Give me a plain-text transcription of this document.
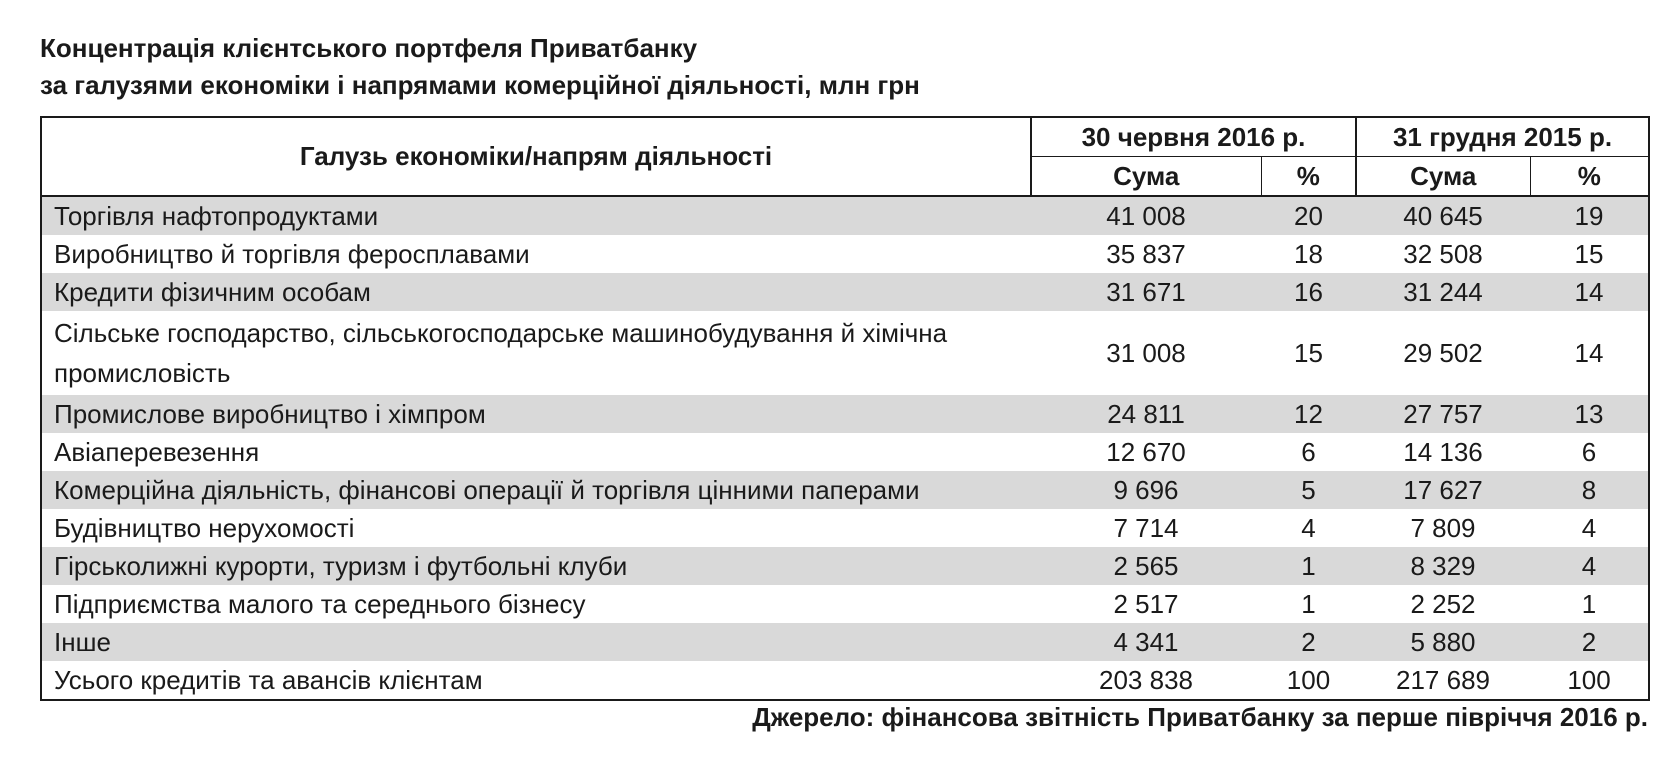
Концентрація клієнтського портфеля Приватбанку
за галузями економіки і напрямами комерційної діяльності, млн грн
Галузь економіки/напрям діяльності	30 червня 2016 р.		31 грудня 2015 р.	
	Сума	%	Сума	%
Торгівля нафтопродуктами	41 008	20	40 645	19
Виробництво й торгівля феросплавами	35 837	18	32 508	15
Кредити фізичним особам	31 671	16	31 244	14
Сільське господарство, сільськогосподарське машинобудування й хімічна промисловість	31 008	15	29 502	14
Промислове виробництво і хімпром	24 811	12	27 757	13
Авіаперевезення	12 670	6	14 136	6
Комерційна діяльність, фінансові операції й торгівля цінними паперами	9 696	5	17 627	8
Будівництво нерухомості	7 714	4	7 809	4
Гірськолижні курорти, туризм і футбольні клуби	2 565	1	8 329	4
Підприємства малого та середнього бізнесу	2 517	1	2 252	1
Інше	4 341	2	5 880	2
Усього кредитів та авансів клієнтам	203 838	100	217 689	100
Джерело: фінансова звітність Приватбанку за перше півріччя 2016 р.
